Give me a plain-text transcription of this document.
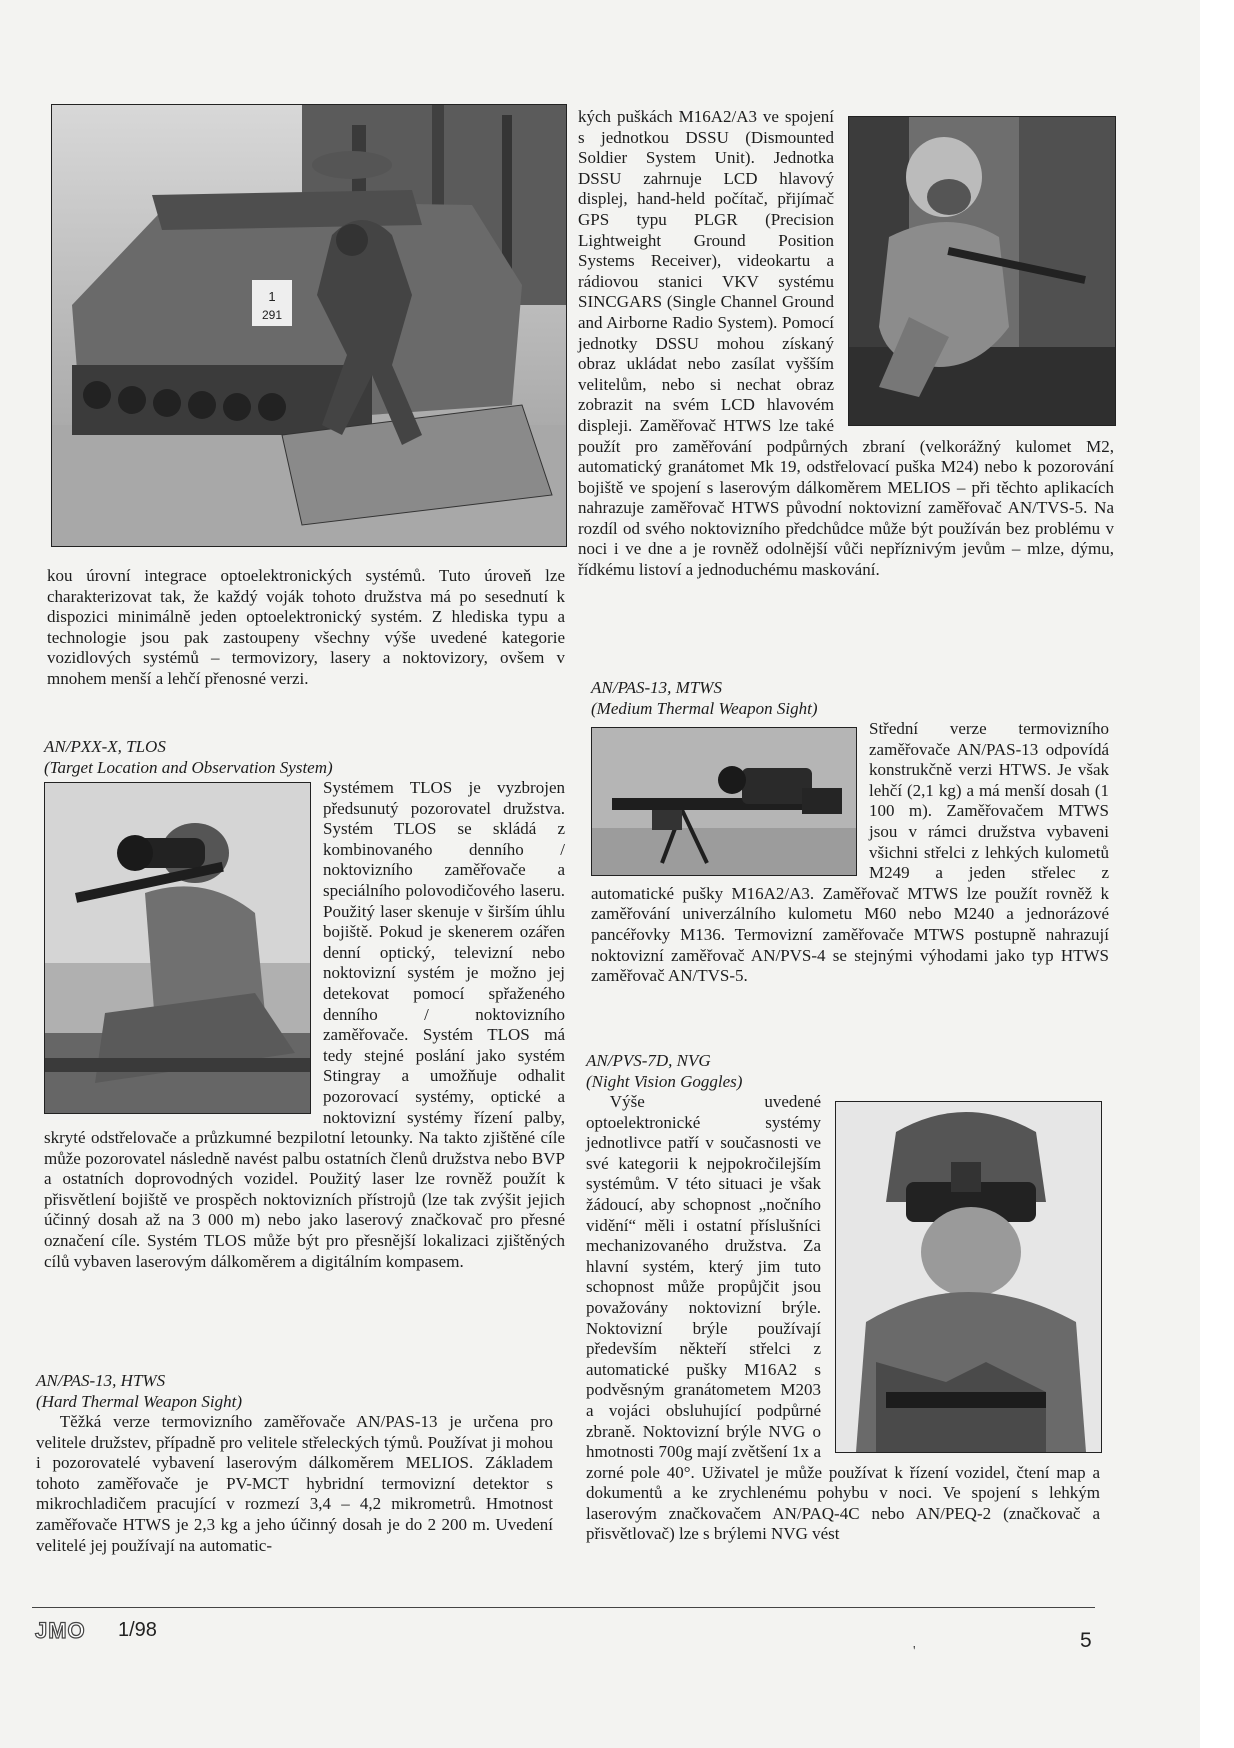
1
291

kou úrovní integrace optoelektronických systémů. Tuto úroveň lze charakterizovat tak, že každý voják tohoto družstva má po sesednutí k dispozici minimálně jeden optoelektronický systém. Z hlediska typu a technologie jsou pak zastoupeny všechny výše uvedené kategorie vozidlových systémů – termovizory, lasery a noktovizory, ovšem v mnohem menší a lehčí přenosné verzi.

AN/PXX-X, TLOS

(Target Location and Observation System)

Systémem TLOS je vyzbrojen předsunutý pozorovatel družstva. Systém TLOS se skládá z kombinovaného denního / noktovizního zaměřovače a speciálního polovodičového laseru. Použitý laser skenuje v širším úhlu bojiště. Pokud je skenerem ozářen denní optický, televizní nebo noktovizní systém je možno jej detekovat pomocí spřaženého denního / noktovizního zaměřovače. Systém TLOS má tedy stejné poslání jako systém Stingray a umožňuje odhalit pozorovací systémy, optické a noktovizní systémy řízení palby, skryté odstřelovače a průzkumné bezpilotní letounky. Na takto zjištěné cíle může pozorovatel následně navést palbu ostatních členů družstva nebo BVP a ostatních doprovodných vozidel. Použitý laser lze rovněž použít k přisvětlení bojiště ve prospěch noktovizních přístrojů (lze tak zvýšit jejich účinný dosah až na 3 000 m) nebo jako laserový značkovač pro přesné označení cíle. Systém TLOS může být pro přesnější lokalizaci zjištěných cílů vybaven laserovým dálkoměrem a digitálním kompasem.

AN/PAS-13, HTWS

(Hard Thermal Weapon Sight)

Těžká verze termovizního zaměřovače AN/PAS-13 je určena pro velitele družstev, případně pro velitele střeleckých týmů. Používat ji mohou i pozorovatelé vybavení laserovým dálkoměrem MELIOS. Základem tohoto zaměřovače je PV-MCT hybridní termovizní detektor s mikrochladičem pracující v rozmezí 3,4 – 4,2 mikrometrů. Hmotnost zaměřovače HTWS je 2,3 kg a jeho účinný dosah je do 2 200 m. Uvedení velitelé jej používají na automatic-

kých puškách M16A2/A3 ve spojení s jednotkou DSSU (Dismounted Soldier System Unit). Jednotka DSSU zahrnuje LCD hlavový displej, hand-held počítač, přijímač GPS typu PLGR (Precision Lightweight Ground Position Systems Receiver), videokartu a rádiovou stanici VKV systému SINCGARS (Single Channel Ground and Airborne Radio System). Pomocí jednotky DSSU mohou získaný obraz ukládat nebo zasílat vyšším velitelům, nebo si nechat obraz zobrazit na svém LCD hlavovém displeji. Zaměřovač HTWS lze také použít pro zaměřování podpůrných zbraní (velkorážný kulomet M2, automatický granátomet Mk 19, odstřelovací puška M24) nebo k pozorování bojiště ve spojení s laserovým dálkoměrem MELIOS – při těchto aplikacích nahrazuje zaměřovač HTWS původní noktovizní zaměřovač AN/TVS-5. Na rozdíl od svého noktovizního předchůdce může být používán bez problému v noci i ve dne a je rovněž odolnější vůči nepříznivým jevům – mlze, dýmu, řídkému listoví a jednoduchému maskování.

AN/PAS-13, MTWS

(Medium Thermal Weapon Sight)

Střední verze termovizního zaměřovače AN/PAS-13 odpovídá konstrukčně verzi HTWS. Je však lehčí (2,1 kg) a má menší dosah (1 100 m). Zaměřovačem MTWS jsou v rámci družstva vybaveni všichni střelci z lehkých kulometů M249 a jeden střelec z automatické pušky M16A2/A3. Zaměřovač MTWS lze použít rovněž k zaměřování univerzálního kulometu M60 nebo M240 a jednorázové pancéřovky M136. Termovizní zaměřovače MTWS postupně nahrazují noktovizní zaměřovač AN/PVS-4 se stejnými výhodami jako typ HTWS zaměřovač AN/TVS-5.

AN/PVS-7D, NVG

(Night Vision Goggles)

Výše uvedené optoelektronické systémy jednotlivce patří v současnosti ve své kategorii k nejpokročilejším systémům. V této situaci je však žádoucí, aby schopnost „nočního vidění“ měli i ostatní příslušníci mechanizovaného družstva. Za hlavní systém, který jim tuto schopnost může propůjčit jsou považovány noktovizní brýle. Noktovizní brýle používají především někteří střelci z automatické pušky M16A2 s podvěsným granátometem M203 a vojáci obsluhující podpůrné zbraně. Noktovizní brýle NVG o hmotnosti 700g mají zvětšení 1x a zorné pole 40°. Uživatel je může používat k řízení vozidel, čtení map a dokumentů a ke zrychlenému pohybu v noci. Ve spojení s lehkým laserovým značkovačem AN/PAQ-4C nebo AN/PEQ-2 (značkovač a přisvětlovač) lze s brýlemi NVG vést

JMO 1/98	5
'
